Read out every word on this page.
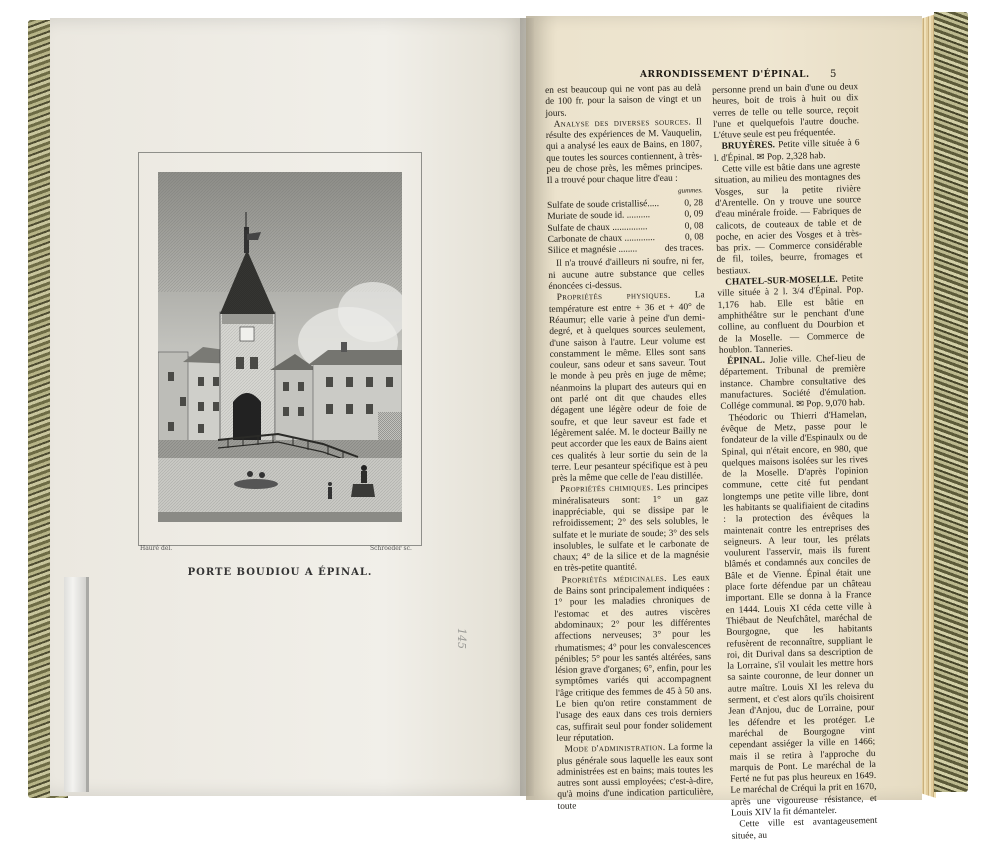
Hauré del.	Schroeder sc.
PORTE BOUDIOU A ÉPINAL.
145
ARRONDISSEMENT D'ÉPINAL. 5

en est beaucoup qui ne vont pas au delà de 100 fr. pour la saison de vingt et un jours.

Analyse des diverses sources. Il résulte des expériences de M. Vauquelin, qui a analysé les eaux de Bains, en 1807, que toutes les sources contiennent, à très-peu de chose près, les mêmes principes. Il a trouvé pour chaque litre d'eau :

gummes.
Sulfate de soude cristallisé.....	0, 28
Muriate de soude id. ..........	0, 09
Sulfate de chaux ...............	0, 08
Carbonate de chaux .............	0, 08
Silice et magnésie ........	des traces.

Il n'a trouvé d'ailleurs ni soufre, ni fer, ni aucune autre substance que celles énoncées ci-dessus.

Propriétés physiques. La température est entre + 36 et + 40° de Réaumur; elle varie à peine d'un demi-degré, et à quelques sources seulement, d'une saison à l'autre. Leur volume est constamment le même. Elles sont sans couleur, sans odeur et sans saveur. Tout le monde à peu près en juge de même; néanmoins la plupart des auteurs qui en ont parlé ont dit que chaudes elles dégagent une légère odeur de foie de soufre, et que leur saveur est fade et légèrement salée. M. le docteur Bailly ne peut accorder que les eaux de Bains aient ces qualités à leur sortie du sein de la terre. Leur pesanteur spécifique est à peu près la même que celle de l'eau distillée.

Propriétés chimiques. Les principes minéralisateurs sont: 1° un gaz inappréciable, qui se dissipe par le refroidissement; 2° des sels solubles, le sulfate et le muriate de soude; 3° des sels insolubles, le sulfate et le carbonate de chaux; 4° de la silice et de la magnésie en très-petite quantité.

Propriétés médicinales. Les eaux de Bains sont principalement indiquées : 1° pour les maladies chroniques de l'estomac et des autres viscères abdominaux; 2° pour les différentes affections nerveuses; 3° pour les rhumatismes; 4° pour les convalescences pénibles; 5° pour les santés altérées, sans lésion grave d'organes; 6°, enfin, pour les symptômes variés qui accompagnent l'âge critique des femmes de 45 à 50 ans. Le bien qu'on retire constamment de l'usage des eaux dans ces trois derniers cas, suffirait seul pour fonder solidement leur réputation.

Mode d'administration. La forme la plus générale sous laquelle les eaux sont administrées est en bains; mais toutes les autres sont aussi employées; c'est-à-dire, qu'à moins d'une indication particulière, toute

personne prend un bain d'une ou deux heures, boit de trois à huit ou dix verres de telle ou telle source, reçoit l'une et quelquefois l'autre douche. L'étuve seule est peu fréquentée.

BRUYÈRES. Petite ville située à 6 l. d'Épinal. ✉ Pop. 2,328 hab.

Cette ville est bâtie dans une agreste situation, au milieu des montagnes des Vosges, sur la petite rivière d'Arentelle. On y trouve une source d'eau minérale froide. — Fabriques de calicots, de couteaux de table et de poche, en acier des Vosges et à très-bas prix. — Commerce considérable de fil, toiles, beurre, fromages et bestiaux.

CHATEL-SUR-MOSELLE. Petite ville située à 2 l. 3/4 d'Épinal. Pop. 1,176 hab. Elle est bâtie en amphithéâtre sur le penchant d'une colline, au confluent du Dourbion et de la Moselle. — Commerce de houblon. Tanneries.

ÉPINAL. Jolie ville. Chef-lieu de département. Tribunal de première instance. Chambre consultative des manufactures. Société d'émulation. Collége communal. ✉ Pop. 9,070 hab.

Théodoric ou Thierri d'Hamelan, évêque de Metz, passe pour le fondateur de la ville d'Espinaulx ou de Spinal, qui n'était encore, en 980, que quelques maisons isolées sur les rives de la Moselle. D'après l'opinion commune, cette cité fut pendant longtemps une petite ville libre, dont les habitants se qualifiaient de citadins : la protection des évêques la maintenait contre les entreprises des seigneurs. A leur tour, les prélats voulurent l'asservir, mais ils furent blâmés et condamnés aux conciles de Bâle et de Vienne. Épinal était une place forte défendue par un château important. Elle se donna à la France en 1444. Louis XI céda cette ville à Thiébaut de Neufchâtel, maréchal de Bourgogne, que les habitants refusèrent de reconnaître, suppliant le roi, dit Durival dans sa description de la Lorraine, s'il voulait les mettre hors sa sainte couronne, de leur donner un autre maître. Louis XI les releva du serment, et c'est alors qu'ils choisirent Jean d'Anjou, duc de Lorraine, pour les défendre et les protéger. Le maréchal de Bourgogne vint cependant assiéger la ville en 1466; mais il se retira à l'approche du marquis de Pont. Le maréchal de la Ferté ne fut pas plus heureux en 1649. Le maréchal de Créqui la prit en 1670, après une vigoureuse résistance, et Louis XIV la fit démanteler.

Cette ville est avantageusement située, au
